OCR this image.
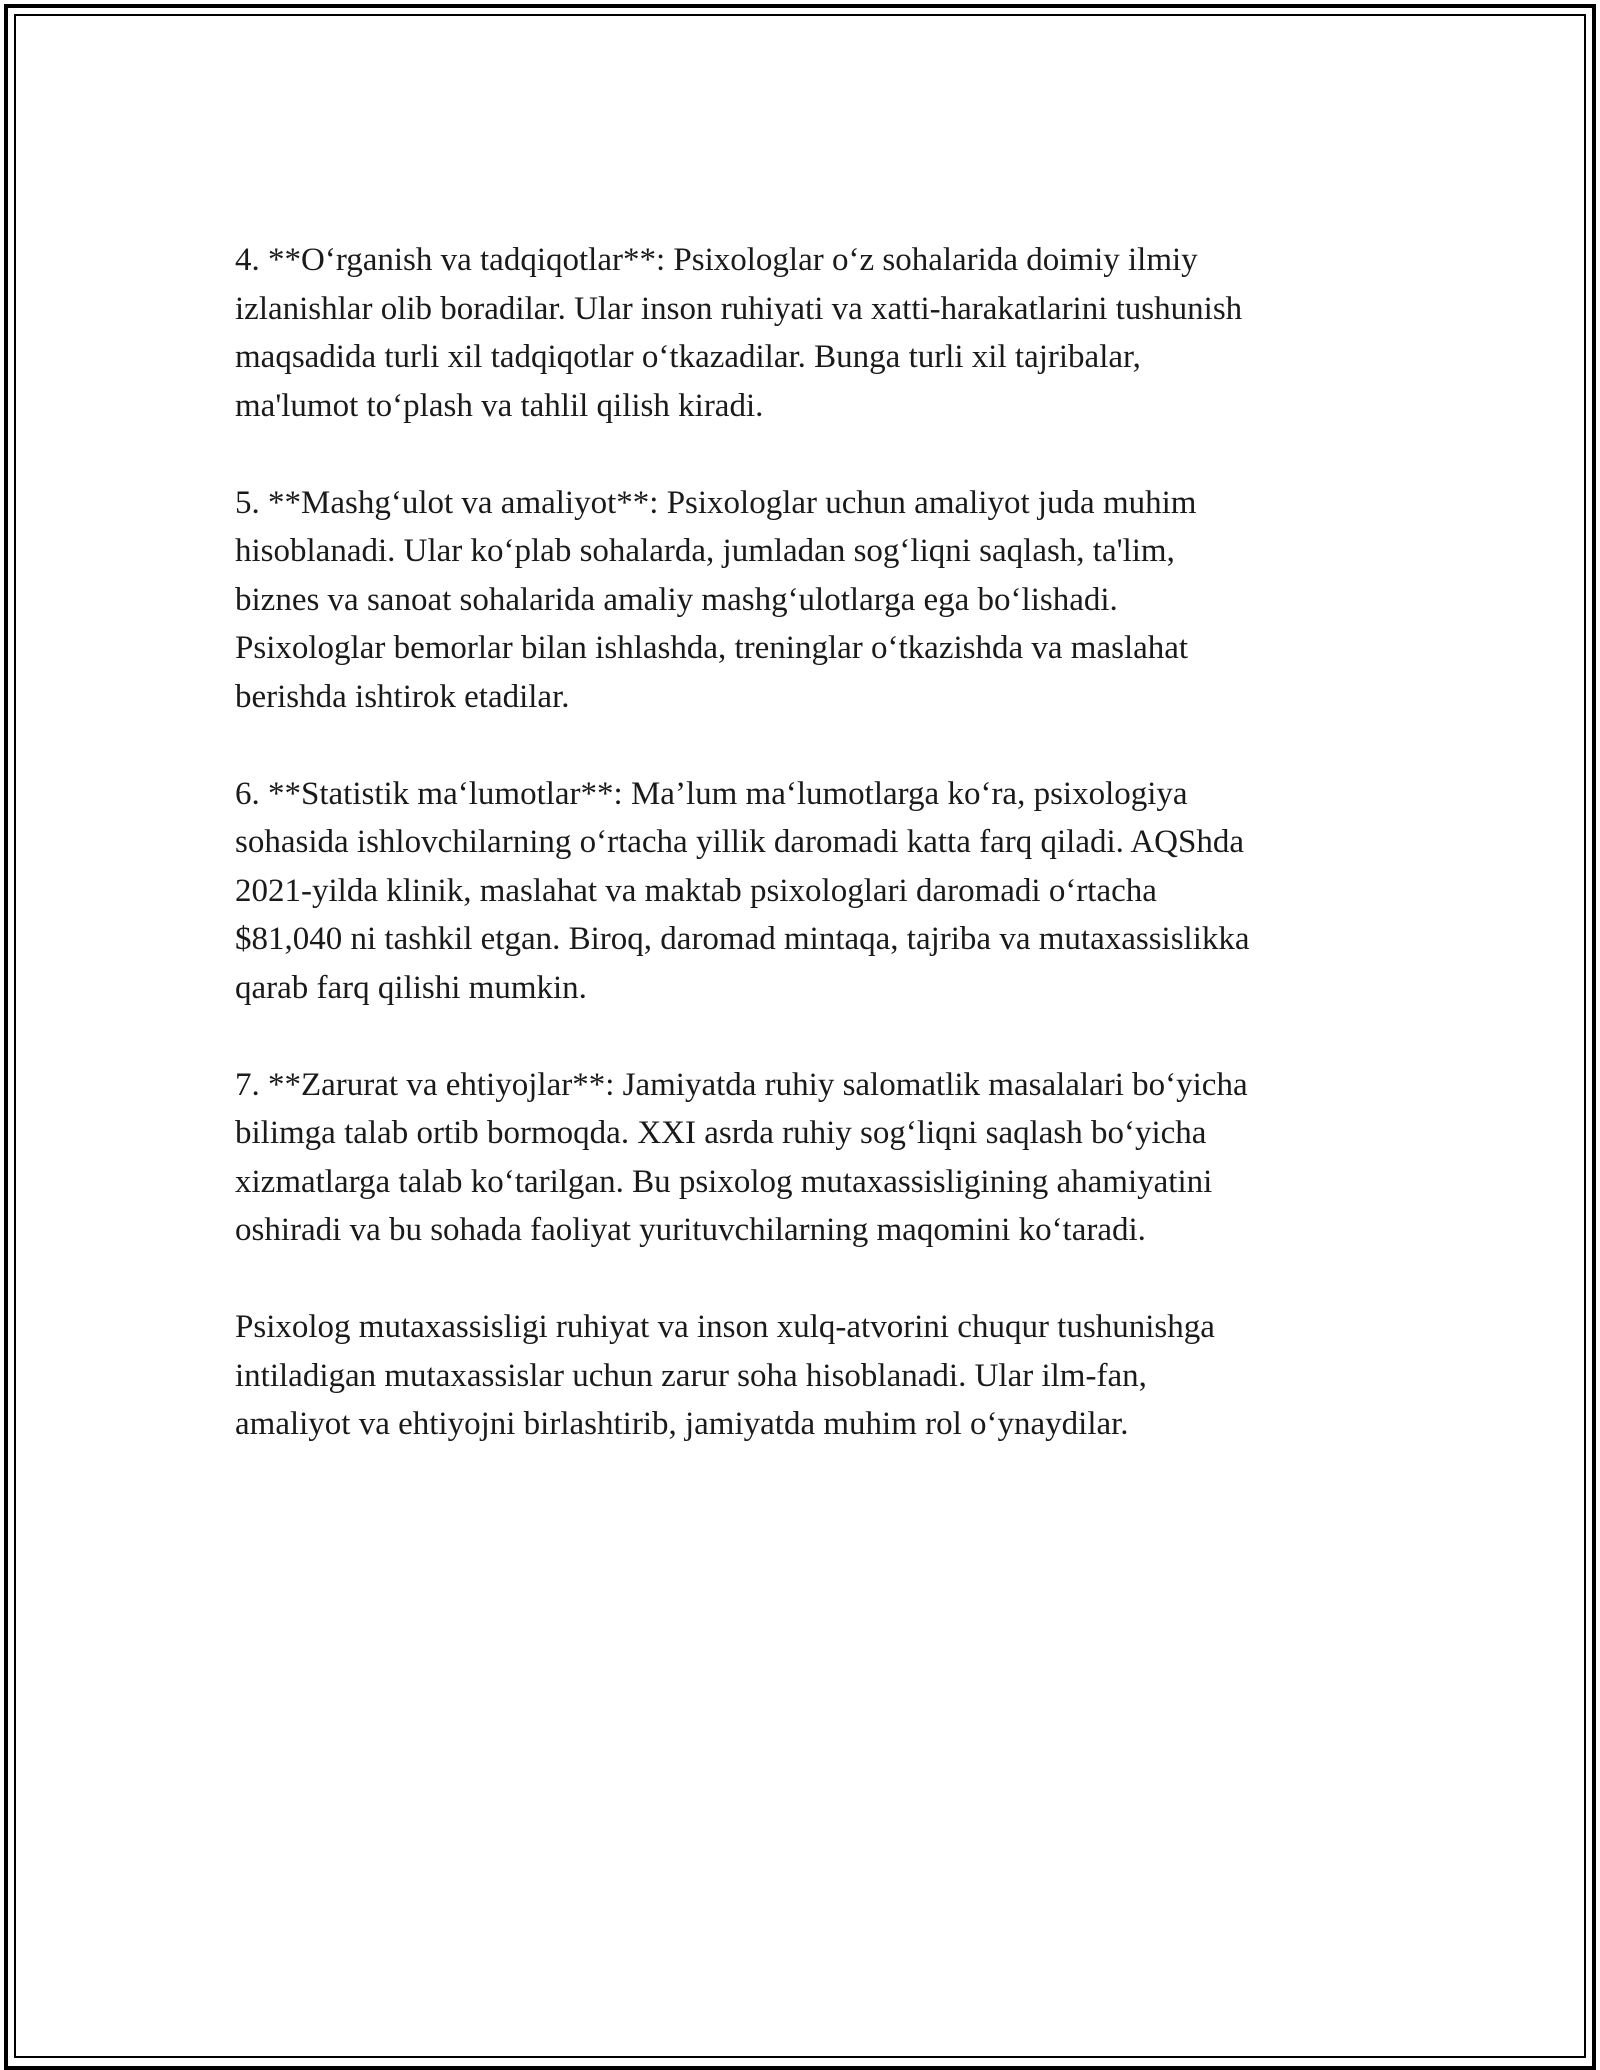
4. **O‘rganish va tadqiqotlar**: Psixologlar o‘z sohalarida doimiy ilmiy
izlanishlar olib boradilar. Ular inson ruhiyati va xatti-harakatlarini tushunish
maqsadida turli xil tadqiqotlar o‘tkazadilar. Bunga turli xil tajribalar,
ma'lumot to‘plash va tahlil qilish kiradi.

5. **Mashg‘ulot va amaliyot**: Psixologlar uchun amaliyot juda muhim
hisoblanadi. Ular ko‘plab sohalarda, jumladan sog‘liqni saqlash, ta'lim,
biznes va sanoat sohalarida amaliy mashg‘ulotlarga ega bo‘lishadi.
Psixologlar bemorlar bilan ishlashda, treninglar o‘tkazishda va maslahat
berishda ishtirok etadilar.

6. **Statistik ma‘lumotlar**: Ma’lum ma‘lumotlarga ko‘ra, psixologiya
sohasida ishlovchilarning o‘rtacha yillik daromadi katta farq qiladi. AQShda
2021-yilda klinik, maslahat va maktab psixologlari daromadi o‘rtacha
$81,040 ni tashkil etgan. Biroq, daromad mintaqa, tajriba va mutaxassislikka
qarab farq qilishi mumkin.

7. **Zarurat va ehtiyojlar**: Jamiyatda ruhiy salomatlik masalalari bo‘yicha
bilimga talab ortib bormoqda. XXI asrda ruhiy sog‘liqni saqlash bo‘yicha
xizmatlarga talab ko‘tarilgan. Bu psixolog mutaxassisligining ahamiyatini
oshiradi va bu sohada faoliyat yurituvchilarning maqomini ko‘taradi.

Psixolog mutaxassisligi ruhiyat va inson xulq-atvorini chuqur tushunishga
intiladigan mutaxassislar uchun zarur soha hisoblanadi. Ular ilm-fan,
amaliyot va ehtiyojni birlashtirib, jamiyatda muhim rol o‘ynaydilar.
